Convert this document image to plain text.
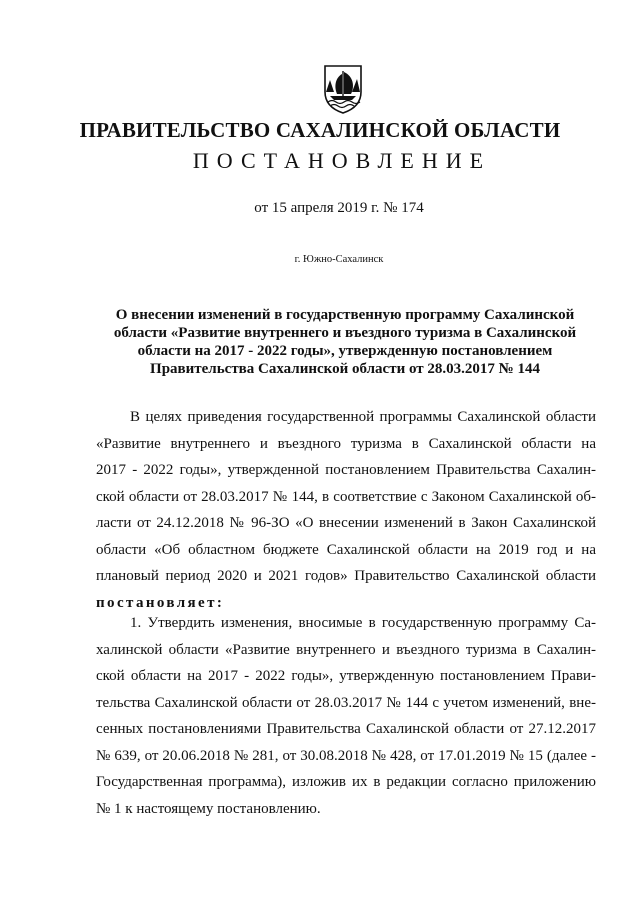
ПРАВИТЕЛЬСТВО САХАЛИНСКОЙ ОБЛАСТИ
ПОСТАНОВЛЕНИЕ
от 15 апреля 2019 г. № 174
г. Южно-Сахалинск
О внесении изменений в государственную программу Сахалинской
области «Развитие внутреннего и въездного туризма в Сахалинской
области на 2017 - 2022 годы», утвержденную постановлением
Правительства Сахалинской области от 28.03.2017 № 144
В целях приведения государственной программы Сахалинской области
«Развитие внутреннего и въездного туризма в Сахалинской области на
2017 - 2022 годы», утвержденной постановлением Правительства Сахалин-
ской области от 28.03.2017 № 144, в соответствие с Законом Сахалинской об-
ласти от 24.12.2018 № 96-ЗО «О внесении изменений в Закон Сахалинской
области «Об областном бюджете Сахалинской области на 2019 год и на
плановый период 2020 и 2021 годов» Правительство Сахалинской области
постановляет:
1. Утвердить изменения, вносимые в государственную программу Са-
халинской области «Развитие внутреннего и въездного туризма в Сахалин-
ской области на 2017 - 2022 годы», утвержденную постановлением Прави-
тельства Сахалинской области от 28.03.2017 № 144 с учетом изменений, вне-
сенных постановлениями Правительства Сахалинской области от 27.12.2017
№ 639, от 20.06.2018 № 281, от 30.08.2018 № 428, от 17.01.2019 № 15 (далее -
Государственная программа), изложив их в редакции согласно приложению
№ 1 к настоящему постановлению.
